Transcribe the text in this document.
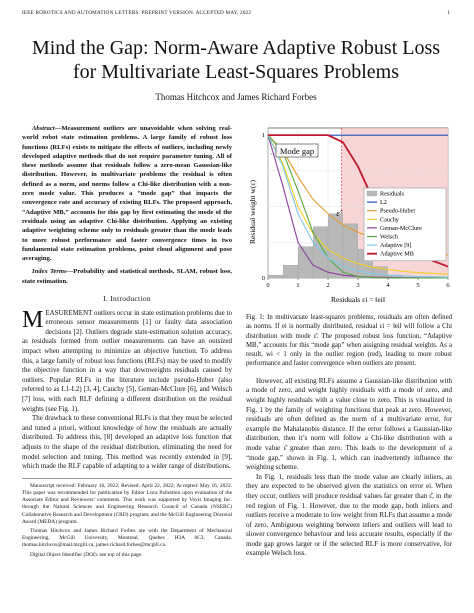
IEEE ROBOTICS AND AUTOMATION LETTERS. PREPRINT VERSION. ACCEPTED MAY, 2022	1
Mind the Gap: Norm-Aware Adaptive Robust Loss for Multivariate Least-Squares Problems
Thomas Hitchcox and James Richard Forbes

Abstract—Measurement outliers are unavoidable when solving real-world robot state estimation problems. A large family of robust loss functions (RLFs) exists to mitigate the effects of outliers, including newly developed adaptive methods that do not require parameter tuning. All of these methods assume that residuals follow a zero-mean Gaussian-like distribution. However, in multivariate problems the residual is often defined as a norm, and norms follow a Chi-like distribution with a non-zero mode value. This produces a “mode gap” that impacts the convergence rate and accuracy of existing RLFs. The proposed approach, “Adaptive MB,” accounts for this gap by first estimating the mode of the residuals using an adaptive Chi-like distribution. Applying an existing adaptive weighting scheme only to residuals greater than the mode leads to more robust performance and faster convergence times in two fundamental state estimation problems, point cloud alignment and pose averaging.

Index Terms—Probability and statistical methods, SLAM, robust loss, state estimation.

I. Introduction

MEASUREMENT outliers occur in state estimation problems due to erroneous sensor measurements [1] or faulty data association decisions [2]. Outliers degrade state-estimation solution accuracy, as residuals formed from outlier measurements can have an outsized impact when attempting to minimize an objective function. To address this, a large family of robust loss functions (RLFs) may be used to modify the objective function in a way that downweights residuals caused by outliers. Popular RLFs in the literature include pseudo-Huber (also referred to as L1-L2) [3, 4], Cauchy [5], Geman-McClure [6], and Welsch [7] loss, with each RLF defining a different distribution on the residual weights (see Fig. 1).

The drawback to these conventional RLFs is that they must be selected and tuned a priori, without knowledge of how the residuals are actually distributed. To address this, [8] developed an adaptive loss function that adjusts to the shape of the residual distribution, eliminating the need for model selection and tuning. This method was recently extended in [9], which made the RLF capable of adapting to a wider range of distributions.

Manuscript received: February 16, 2022; Revised: April 22, 2022; Accepted: May 16, 2022. This paper was recommended for publication by Editor Luca Pallottino upon evaluation of the Associate Editor and Reviewers’ comments. This work was supported by Voyis Imaging Inc. through the Natural Sciences and Engineering Research Council of Canada (NSERC) Collaborative Research and Development (CRD) program, and the McGill Engineering Doctoral Award (MEDA) program.

Thomas Hitchcox and James Richard Forbes are with the Department of Mechanical Engineering, McGill University, Montreal, Quebec H3A 0C3, Canada. thomas.hitchcox@mail.mcgill.ca, james.richard.forbes@mcgill.ca.

Digital Object Identifier (DOI): see top of this page.

0	1	2	3	4	5	6
0
1
Residuals
L2
Pseudo-Huber
Cauchy
Geman-McClure
Welsch
Adaptive [9]
Adaptive MB
Mode gap
ε̂
Residual weight w(ε)
Residuals εi = ‖ei‖

Fig. 1: In multivariate least-squares problems, residuals are often defined as norms. If ei is normally distributed, residual εi = ‖ei‖ will follow a Chi distribution with mode ε̂. The proposed robust loss function, “Adaptive MB,” accounts for this “mode gap” when assigning residual weights. As a result, wi < 1 only in the outlier region (red), leading to more robust performance and faster convergence when outliers are present.

However, all existing RLFs assume a Gaussian-like distribution with a mode of zero, and weight highly residuals with a mode of zero, and weight highly residuals with a value close to zero. This is visualized in Fig. 1 by the family of weighting functions that peak at zero. However, residuals are often defined as the norm of a multivariate error, for example the Mahalanobis distance. If the error follows a Gaussian-like distribution, then it’s norm will follow a Chi-like distribution with a mode value ε̂ greater than zero. This leads to the development of a “mode gap,” shown in Fig. 1, which can inadvertently influence the weighting scheme.

In Fig. 1, residuals less than the mode value are clearly inliers, as they are expected to be observed given the statistics on error ei. When they occur, outliers will produce residual values far greater than ε̂, in the red region of Fig. 1. However, due to the mode gap, both inliers and outliers receive a moderate to low weight from RLFs that assume a mode of zero. Ambiguous weighting between inliers and outliers will lead to slower convergence behaviour and less accurate results, especially if the mode gap grows larger or if the selected RLF is more conservative, for example Welsch loss.
